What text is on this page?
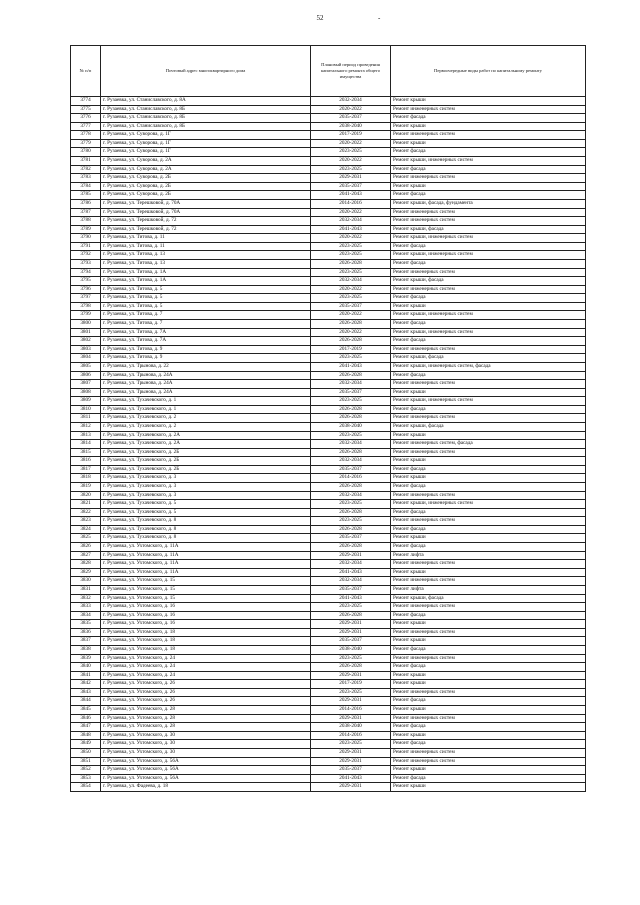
52	-
№ п/п	Почтовый адрес многоквартирного дома	Плановый период проведения капитального ремонта общего имущества	Первоочередные виды работ по капитальному ремонту
3774	г. Рузаевка, ул. Станиславского, д. 8А	2032-2034	Ремонт крыши
3775	г. Рузаевка, ул. Станиславского, д. 8Б	2020-2022	Ремонт инженерных систем
3776	г. Рузаевка, ул. Станиславского, д. 8Б	2035-2037	Ремонт фасада
3777	г. Рузаевка, ул. Станиславского, д. 8Б	2038-2040	Ремонт крыши
3778	г. Рузаевка, ул. Суворова, д. 1Г	2017-2019	Ремонт инженерных систем
3779	г. Рузаевка, ул. Суворова, д. 1Г	2020-2022	Ремонт крыши
3780	г. Рузаевка, ул. Суворова, д. 1Г	2023-2025	Ремонт фасада
3781	г. Рузаевка, ул. Суворова, д. 2А	2020-2022	Ремонт крыши, инженерных систем
3782	г. Рузаевка, ул. Суворова, д. 2А	2023-2025	Ремонт фасада
3783	г. Рузаевка, ул. Суворова, д. 2Б	2029-2031	Ремонт инженерных систем
3784	г. Рузаевка, ул. Суворова, д. 2Б	2035-2037	Ремонт крыши
3785	г. Рузаевка, ул. Суворова, д. 2Б	2041-2043	Ремонт фасада
3786	г. Рузаевка, ул. Терешковой, д. 70А	2014-2016	Ремонт крыши, фасада, фундамента
3787	г. Рузаевка, ул. Терешковой, д. 70А	2020-2022	Ремонт инженерных систем
3788	г. Рузаевка, ул. Терешковой, д. 72	2032-2034	Ремонт инженерных систем
3789	г. Рузаевка, ул. Терешковой, д. 72	2041-2043	Ремонт крыши, фасада
3790	г. Рузаевка, ул. Титова, д. 11	2020-2022	Ремонт крыши, инженерных систем
3791	г. Рузаевка, ул. Титова, д. 11	2023-2025	Ремонт фасада
3792	г. Рузаевка, ул. Титова, д. 13	2023-2025	Ремонт крыши, инженерных систем
3793	г. Рузаевка, ул. Титова, д. 13	2026-2028	Ремонт фасада
3794	г. Рузаевка, ул. Титова, д. 1А	2023-2025	Ремонт инженерных систем
3795	г. Рузаевка, ул. Титова, д. 1А	2032-2034	Ремонт крыши, фасада
3796	г. Рузаевка, ул. Титова, д. 5	2020-2022	Ремонт инженерных систем
3797	г. Рузаевка, ул. Титова, д. 5	2023-2025	Ремонт фасада
3798	г. Рузаевка, ул. Титова, д. 5	2035-2037	Ремонт крыши
3799	г. Рузаевка, ул. Титова, д. 7	2020-2022	Ремонт крыши, инженерных систем
3800	г. Рузаевка, ул. Титова, д. 7	2026-2028	Ремонт фасада
3801	г. Рузаевка, ул. Титова, д. 7А	2020-2022	Ремонт крыши, инженерных систем
3802	г. Рузаевка, ул. Титова, д. 7А	2026-2028	Ремонт фасада
3803	г. Рузаевка, ул. Титова, д. 9	2017-2019	Ремонт инженерных систем
3804	г. Рузаевка, ул. Титова, д. 9	2023-2025	Ремонт крыши, фасада
3805	г. Рузаевка, ул. Трынова, д. 22	2041-2043	Ремонт крыши, инженерных систем, фасада
3806	г. Рузаевка, ул. Трынова, д. 24А	2026-2028	Ремонт фасада
3807	г. Рузаевка, ул. Трынова, д. 24А	2032-2034	Ремонт инженерных систем
3808	г. Рузаевка, ул. Трынова, д. 24А	2035-2037	Ремонт крыши
3809	г. Рузаевка, ул. Тухачевского, д. 1	2023-2025	Ремонт крыши, инженерных систем
3810	г. Рузаевка, ул. Тухачевского, д. 1	2026-2028	Ремонт фасада
3811	г. Рузаевка, ул. Тухачевского, д. 2	2026-2028	Ремонт инженерных систем
3812	г. Рузаевка, ул. Тухачевского, д. 2	2038-2040	Ремонт крыши, фасада
3813	г. Рузаевка, ул. Тухачевского, д. 2А	2023-2025	Ремонт крыши
3814	г. Рузаевка, ул. Тухачевского, д. 2А	2032-2034	Ремонт инженерных систем, фасада
3815	г. Рузаевка, ул. Тухачевского, д. 2Б	2026-2028	Ремонт инженерных систем
3816	г. Рузаевка, ул. Тухачевского, д. 2Б	2032-2034	Ремонт крыши
3817	г. Рузаевка, ул. Тухачевского, д. 2Б	2035-2037	Ремонт фасада
3818	г. Рузаевка, ул. Тухачевского, д. 3	2014-2016	Ремонт крыши
3819	г. Рузаевка, ул. Тухачевского, д. 3	2026-2028	Ремонт фасада
3820	г. Рузаевка, ул. Тухачевского, д. 3	2032-2034	Ремонт инженерных систем
3821	г. Рузаевка, ул. Тухачевского, д. 5	2023-2025	Ремонт крыши, инженерных систем
3822	г. Рузаевка, ул. Тухачевского, д. 5	2026-2028	Ремонт фасада
3823	г. Рузаевка, ул. Тухачевского, д. 8	2023-2025	Ремонт инженерных систем
3824	г. Рузаевка, ул. Тухачевского, д. 8	2026-2028	Ремонт фасада
3825	г. Рузаевка, ул. Тухачевского, д. 8	2035-2037	Ремонт крыши
3826	г. Рузаевка, ул. Ухтомского, д. 11А	2026-2028	Ремонт фасада
3827	г. Рузаевка, ул. Ухтомского, д. 11А	2029-2031	Ремонт лифта
3828	г. Рузаевка, ул. Ухтомского, д. 11А	2032-2034	Ремонт инженерных систем
3829	г. Рузаевка, ул. Ухтомского, д. 11А	2041-2043	Ремонт крыши
3830	г. Рузаевка, ул. Ухтомского, д. 15	2032-2034	Ремонт инженерных систем
3831	г. Рузаевка, ул. Ухтомского, д. 15	2035-2037	Ремонт лифта
3832	г. Рузаевка, ул. Ухтомского, д. 15	2041-2043	Ремонт крыши, фасада
3833	г. Рузаевка, ул. Ухтомского, д. 16	2023-2025	Ремонт инженерных систем
3834	г. Рузаевка, ул. Ухтомского, д. 16	2026-2028	Ремонт фасада
3835	г. Рузаевка, ул. Ухтомского, д. 16	2029-2031	Ремонт крыши
3836	г. Рузаевка, ул. Ухтомского, д. 18	2029-2031	Ремонт инженерных систем
3837	г. Рузаевка, ул. Ухтомского, д. 18	2035-2037	Ремонт крыши
3838	г. Рузаевка, ул. Ухтомского, д. 18	2038-2040	Ремонт фасада
3839	г. Рузаевка, ул. Ухтомского, д. 24	2023-2025	Ремонт инженерных систем
3840	г. Рузаевка, ул. Ухтомского, д. 24	2026-2028	Ремонт фасада
3841	г. Рузаевка, ул. Ухтомского, д. 24	2029-2031	Ремонт крыши
3842	г. Рузаевка, ул. Ухтомского, д. 26	2017-2019	Ремонт крыши
3843	г. Рузаевка, ул. Ухтомского, д. 26	2023-2025	Ремонт инженерных систем
3844	г. Рузаевка, ул. Ухтомского, д. 26	2029-2031	Ремонт фасада
3845	г. Рузаевка, ул. Ухтомского, д. 28	2014-2016	Ремонт крыши
3846	г. Рузаевка, ул. Ухтомского, д. 28	2029-2031	Ремонт инженерных систем
3847	г. Рузаевка, ул. Ухтомского, д. 28	2038-2040	Ремонт фасада
3848	г. Рузаевка, ул. Ухтомского, д. 30	2014-2016	Ремонт крыши
3849	г. Рузаевка, ул. Ухтомского, д. 30	2023-2025	Ремонт фасада
3850	г. Рузаевка, ул. Ухтомского, д. 30	2029-2031	Ремонт инженерных систем
3851	г. Рузаевка, ул. Ухтомского, д. 56А	2029-2031	Ремонт инженерных систем
3852	г. Рузаевка, ул. Ухтомского, д. 56А	2035-2037	Ремонт крыши
3853	г. Рузаевка, ул. Ухтомского, д. 56А	2041-2043	Ремонт фасада
3854	г. Рузаевка, ул. Фадеева, д. 18	2029-2031	Ремонт крыши
